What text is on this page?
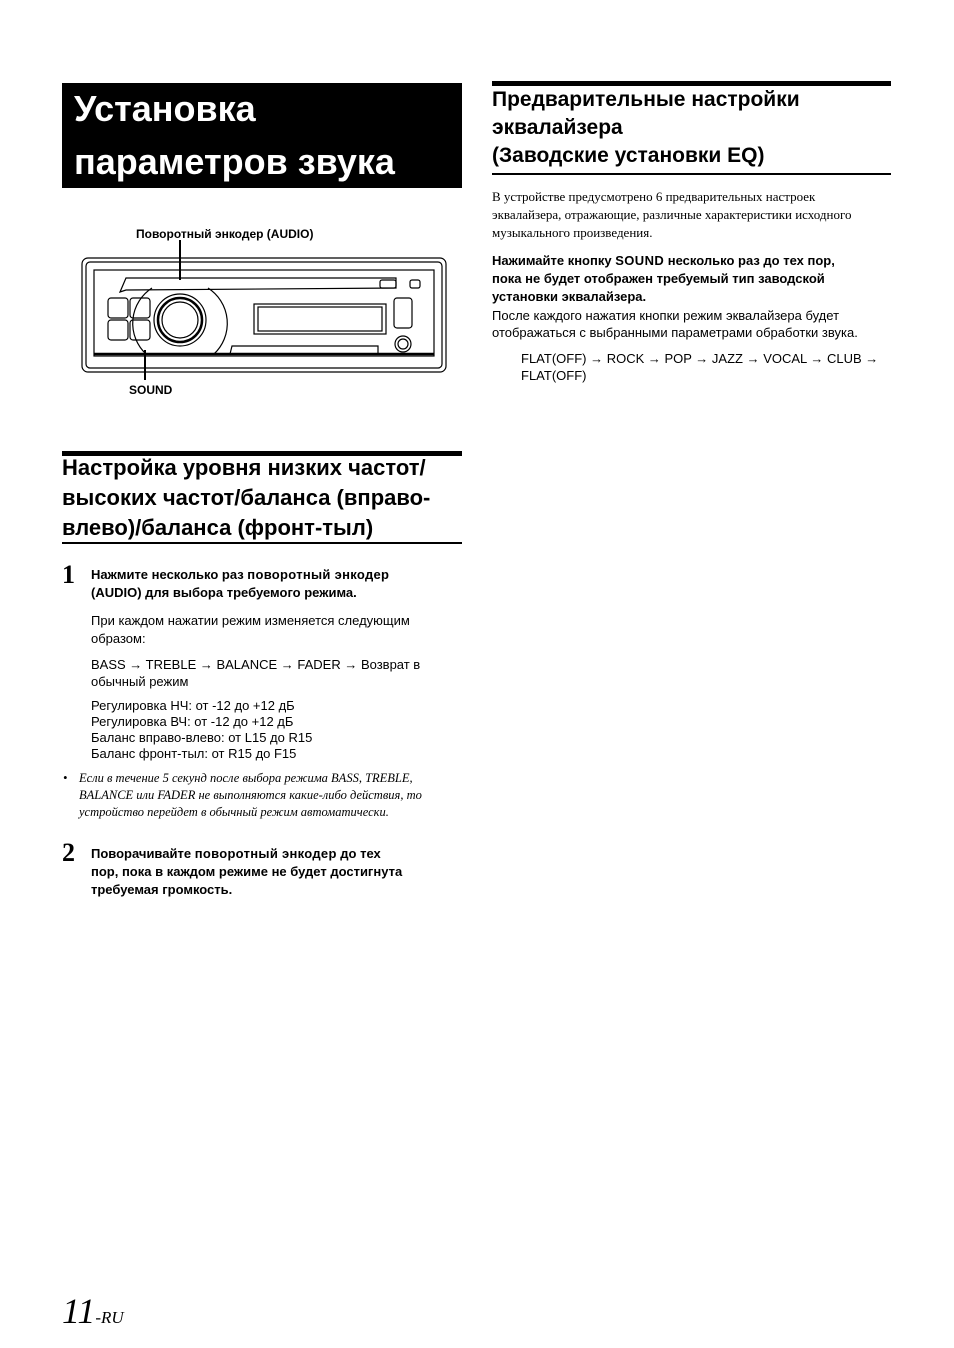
Установка
параметров звука
Поворотный энкодер (AUDIO)
SOUND
Настройка уровня низких частот/
высоких частот/баланса (вправо-
влево)/баланса (фронт-тыл)
1 Нажмите несколько раз поворотный энкодер
(AUDIO) для выбора требуемого режима.
При каждом нажатии режим изменяется следующим
образом:
BASS → TREBLE → BALANCE → FADER → Возврат в
обычный режим
Регулировка НЧ: от -12 до +12 дБ
Регулировка ВЧ: от -12 до +12 дБ
Баланс вправо-влево: от L15 до R15
Баланс фронт-тыл: от R15 до F15
• Если в течение 5 секунд после выбора режима BASS, TREBLE,
BALANCE или FADER не выполняются какие-либо действия, то
устройство перейдет в обычный режим автоматически.
2 Поворачивайте поворотный энкодер до тех
пор, пока в каждом режиме не будет достигнута
требуемая громкость.
Предварительные настройки
эквалайзера
(Заводские установки EQ)
В устройстве предусмотрено 6 предварительных настроек
эквалайзера, отражающие, различные характеристики исходного
музыкального произведения.
Нажимайте кнопку SOUND несколько раз до тех пор,
пока не будет отображен требуемый тип заводской
установки эквалайзера.
После каждого нажатия кнопки режим эквалайзера будет
отображаться с выбранными параметрами обработки звука.
FLAT(OFF) → ROCK → POP → JAZZ → VOCAL → CLUB →
FLAT(OFF)
11-RU
